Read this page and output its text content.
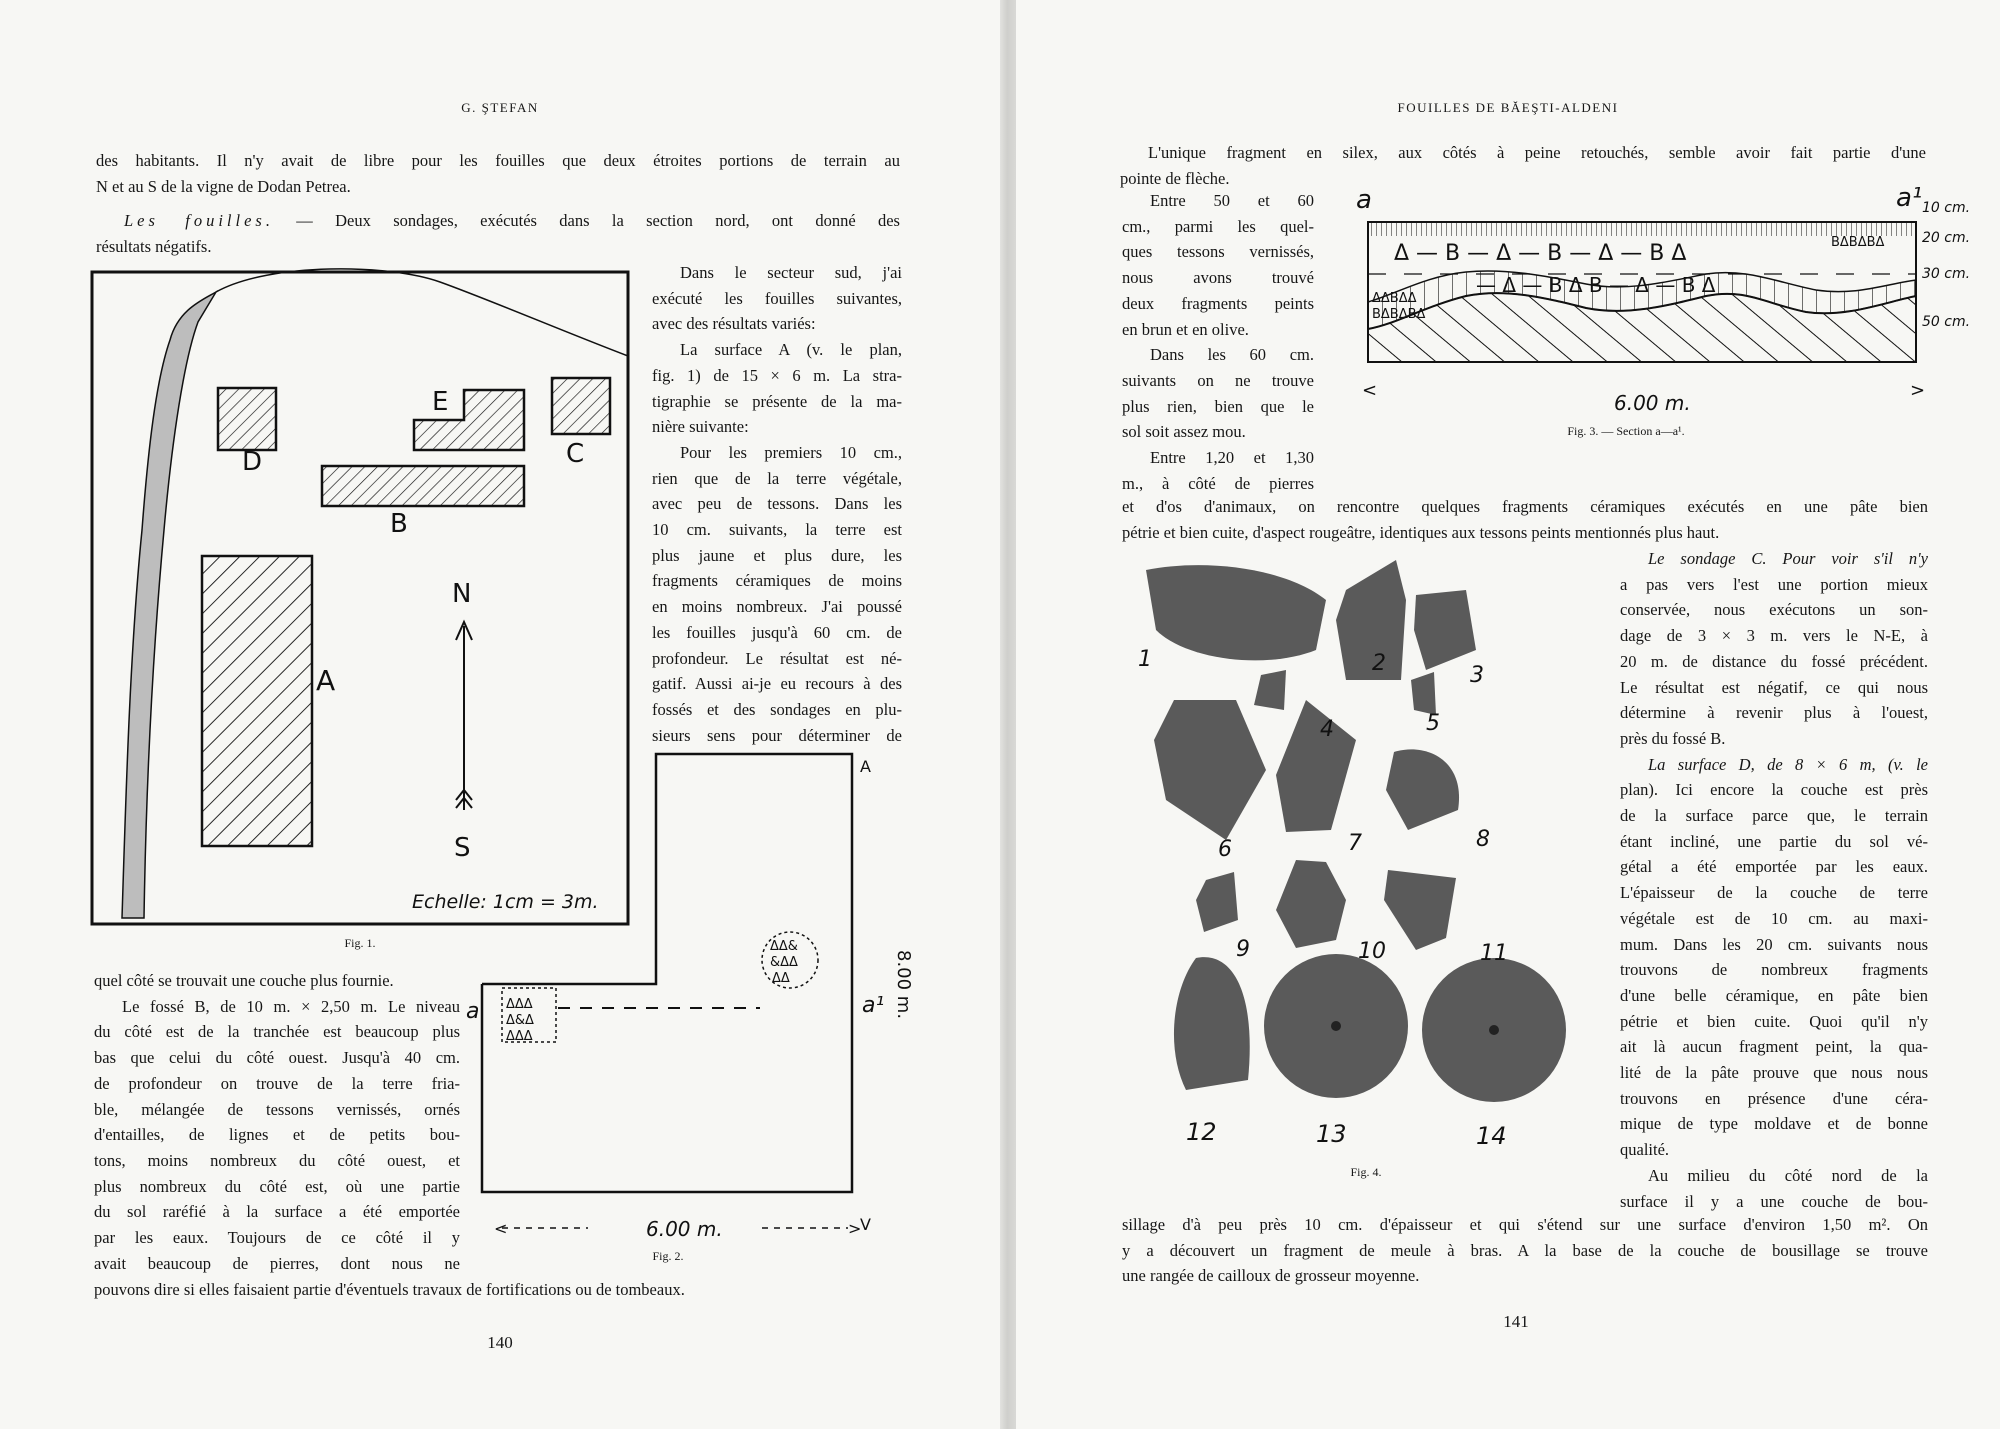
G. ŞTEFAN

des habitants. Il n'y avait de libre pour les fouilles que deux étroites portions de terrain au

N et au S de la vigne de Dodan Petrea.

Les fouilles. — Deux sondages, exécutés dans la section nord, ont donné des

résultats négatifs.

D
E
C
B
A
N
S
Echelle: 1cm = 3m.
Fig. 1.

Dans le secteur sud, j'ai

exécuté les fouilles suivantes,

avec des résultats variés:

La surface A (v. le plan,

fig. 1) de 15 × 6 m. La stra-

tigraphie se présente de la ma-

nière suivante:

Pour les premiers 10 cm.,

rien que de la terre végétale,

avec peu de tessons. Dans les

10 cm. suivants, la terre est

plus jaune et plus dure, les

fragments céramiques de moins

en moins nombreux. J'ai poussé

les fouilles jusqu'à 60 cm. de

profondeur. Le résultat est né-

gatif. Aussi ai-je eu recours à des

fossés et des sondages en plu-

sieurs sens pour déterminer de

ΔΔΔ
Δ&Δ
ΔΔΔ
ΔΔ&
&ΔΔ
ΔΔ
a	a¹
A
V
8.00 m.
<	>
6.00 m.
Fig. 2.

quel côté se trouvait une couche plus fournie.

Le fossé B, de 10 m. × 2,50 m. Le niveau

du côté est de la tranchée est beaucoup plus

bas que celui du côté ouest. Jusqu'à 40 cm.

de profondeur on trouve de la terre fria-

ble, mélangée de tessons vernissés, ornés

d'entailles, de lignes et de petits bou-

tons, moins nombreux du côté ouest, et

plus nombreux du côté est, où une partie

du sol raréfié à la surface a été emportée

par les eaux. Toujours de ce côté il y

avait beaucoup de pierres, dont nous ne

pouvons dire si elles faisaient partie d'éventuels travaux de fortifications ou de tombeaux.

140
FOUILLES DE BĂEŞTI-ALDENI

L'unique fragment en silex, aux côtés à peine retouchés, semble avoir fait partie d'une

pointe de flèche.

Entre 50 et 60

cm., parmi les quel-

ques tessons vernissés,

nous avons trouvé

deux fragments peints

en brun et en olive.

Dans les 60 cm.

suivants on ne trouve

plus rien, bien que le

sol soit assez mou.

Entre 1,20 et 1,30

m., à côté de pierres

Δ — B — Δ — B — Δ — B Δ
— Δ — B Δ B — Δ — B Δ
ΔΔBΔΔ
BΔBΔBΔ
BΔBΔBΔ
a	a¹ 10 cm.
20 cm.
30 cm.
50 cm.
<	>
6.00 m.
Fig. 3. — Section a—a¹.

et d'os d'animaux, on rencontre quelques fragments céramiques exécutés en une pâte bien

pétrie et bien cuite, d'aspect rougeâtre, identiques aux tessons peints mentionnés plus haut.

1	2	3
4	5
6	7	8
9	10	11
12	13	14
Fig. 4.

Le sondage C. Pour voir s'il n'y

a pas vers l'est une portion mieux

conservée, nous exécutons un son-

dage de 3 × 3 m. vers le N-E, à

20 m. de distance du fossé précédent.

Le résultat est négatif, ce qui nous

détermine à revenir plus à l'ouest,

près du fossé B.

La surface D, de 8 × 6 m, (v. le

plan). Ici encore la couche est près

de la surface parce que, le terrain

étant incliné, une partie du sol vé-

gétal a été emportée par les eaux.

L'épaisseur de la couche de terre

végétale est de 10 cm. au maxi-

mum. Dans les 20 cm. suivants nous

trouvons de nombreux fragments

d'une belle céramique, en pâte bien

pétrie et bien cuite. Quoi qu'il n'y

ait là aucun fragment peint, la qua-

lité de la pâte prouve que nous nous

trouvons en présence d'une céra-

mique de type moldave et de bonne

qualité.

Au milieu du côté nord de la

surface il y a une couche de bou-

sillage d'à peu près 10 cm. d'épaisseur et qui s'étend sur une surface d'environ 1,50 m². On

y a découvert un fragment de meule à bras. A la base de la couche de bousillage se trouve

une rangée de cailloux de grosseur moyenne.

141
